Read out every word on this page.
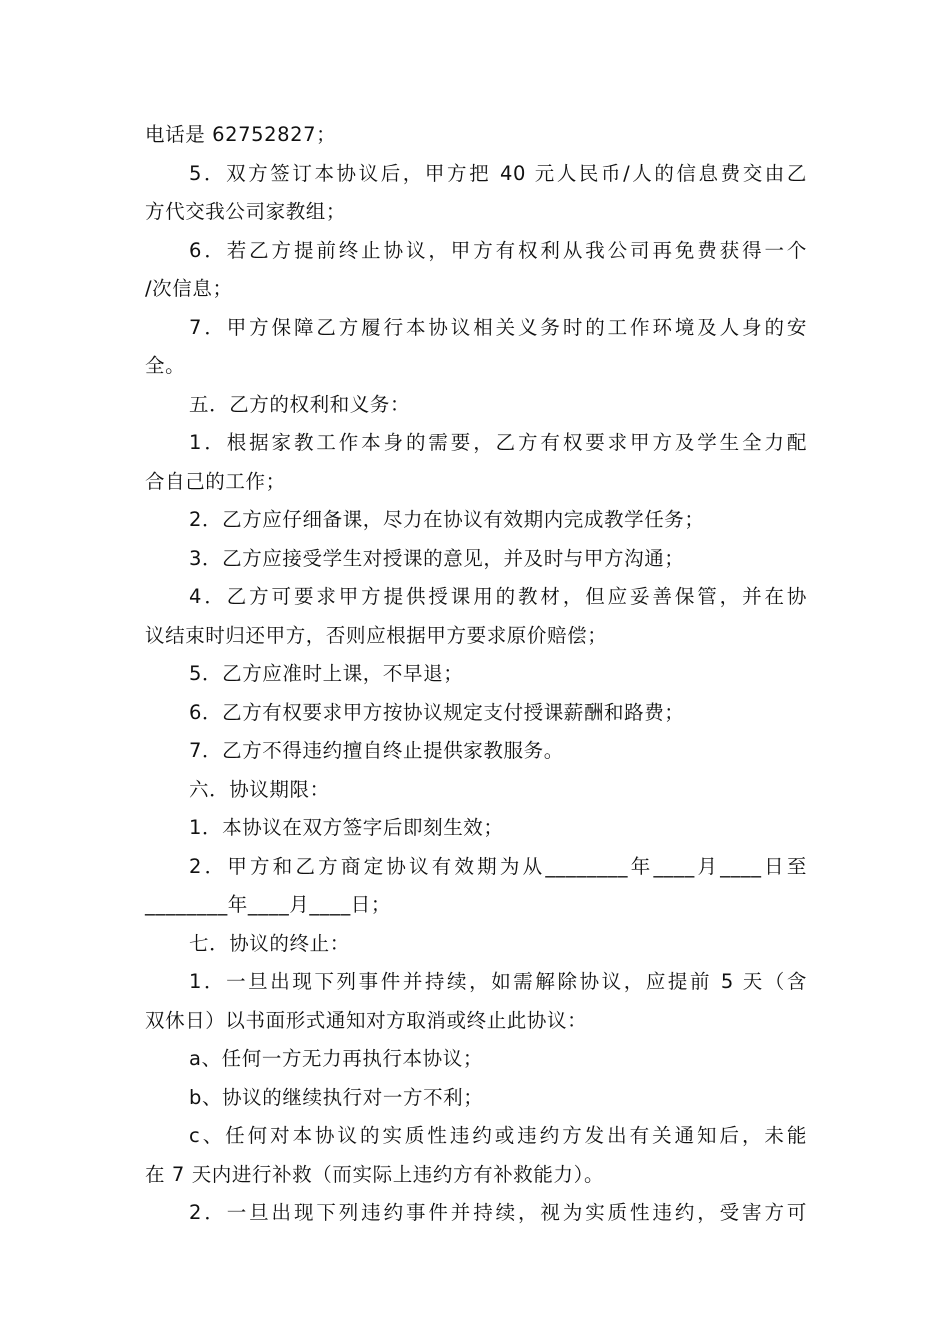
电话是 62752827；
5．双方签订本协议后，甲方把 40 元人民币/人的信息费交由乙
方代交我公司家教组；
6．若乙方提前终止协议，甲方有权利从我公司再免费获得一个
/次信息；
7．甲方保障乙方履行本协议相关义务时的工作环境及人身的安
全。
五．乙方的权利和义务：
1．根据家教工作本身的需要，乙方有权要求甲方及学生全力配
合自己的工作；
2．乙方应仔细备课，尽力在协议有效期内完成教学任务；
3．乙方应接受学生对授课的意见，并及时与甲方沟通；
4．乙方可要求甲方提供授课用的教材，但应妥善保管，并在协
议结束时归还甲方，否则应根据甲方要求原价赔偿；
5．乙方应准时上课，不早退；
6．乙方有权要求甲方按协议规定支付授课薪酬和路费；
7．乙方不得违约擅自终止提供家教服务。
六．协议期限：
1．本协议在双方签字后即刻生效；
2．甲方和乙方商定协议有效期为从________年____月____日至
________年____月____日；
七．协议的终止：
1．一旦出现下列事件并持续，如需解除协议，应提前 5 天（含
双休日）以书面形式通知对方取消或终止此协议：
a、任何一方无力再执行本协议；
b、协议的继续执行对一方不利；
c、任何对本协议的实质性违约或违约方发出有关通知后，未能
在 7 天内进行补救（而实际上违约方有补救能力）。
2．一旦出现下列违约事件并持续，视为实质性违约，受害方可
